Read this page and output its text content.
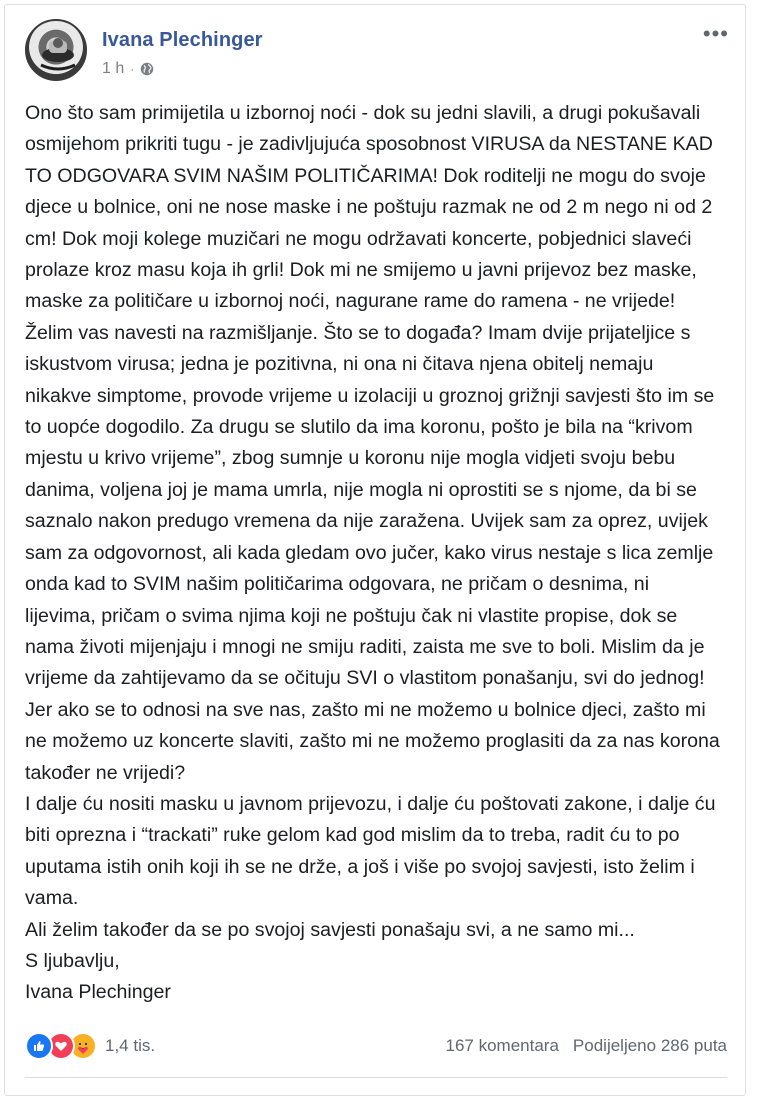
Ivana Plechinger
1 h ·
•••

Ono što sam primijetila u izbornoj noći - dok su jedni slavili, a drugi pokušavali osmijehom prikriti tugu - je zadivljujuća sposobnost VIRUSA da NESTANE KAD TO ODGOVARA SVIM NAŠIM POLITIČARIMA! Dok roditelji ne mogu do svoje djece u bolnice, oni ne nose maske i ne poštuju razmak ne od 2 m nego ni od 2 cm! Dok moji kolege muzičari ne mogu održavati koncerte, pobjednici slaveći prolaze kroz masu koja ih grli! Dok mi ne smijemo u javni prijevoz bez maske, maske za političare u izbornoj noći, nagurane rame do ramena - ne vrijede!

Želim vas navesti na razmišljanje. Što se to događa? Imam dvije prijateljice s iskustvom virusa; jedna je pozitivna, ni ona ni čitava njena obitelj nemaju nikakve simptome, provode vrijeme u izolaciji u groznoj grižnji savjesti što im se to uopće dogodilo. Za drugu se slutilo da ima koronu, pošto je bila na “krivom mjestu u krivo vrijeme”, zbog sumnje u koronu nije mogla vidjeti svoju bebu danima, voljena joj je mama umrla, nije mogla ni oprostiti se s njome, da bi se saznalo nakon predugo vremena da nije zaražena. Uvijek sam za oprez, uvijek sam za odgovornost, ali kada gledam ovo jučer, kako virus nestaje s lica zemlje onda kad to SVIM našim političarima odgovara, ne pričam o desnima, ni lijevima, pričam o svima njima koji ne poštuju čak ni vlastite propise, dok se nama životi mijenjaju i mnogi ne smiju raditi, zaista me sve to boli. Mislim da je vrijeme da zahtijevamo da se očituju SVI o vlastitom ponašanju, svi do jednog! Jer ako se to odnosi na sve nas, zašto mi ne možemo u bolnice djeci, zašto mi ne možemo uz koncerte slaviti, zašto mi ne možemo proglasiti da za nas korona također ne vrijedi?

I dalje ću nositi masku u javnom prijevozu, i dalje ću poštovati zakone, i dalje ću biti oprezna i “trackati” ruke gelom kad god mislim da to treba, radit ću to po uputama istih onih koji ih se ne drže, a još i više po svojoj savjesti, isto želim i vama.

Ali želim također da se po svojoj savjesti ponašaju svi, a ne samo mi...

S ljubavlju,

Ivana Plechinger

1,4 tis.	167 komentara Podijeljeno 286 puta
